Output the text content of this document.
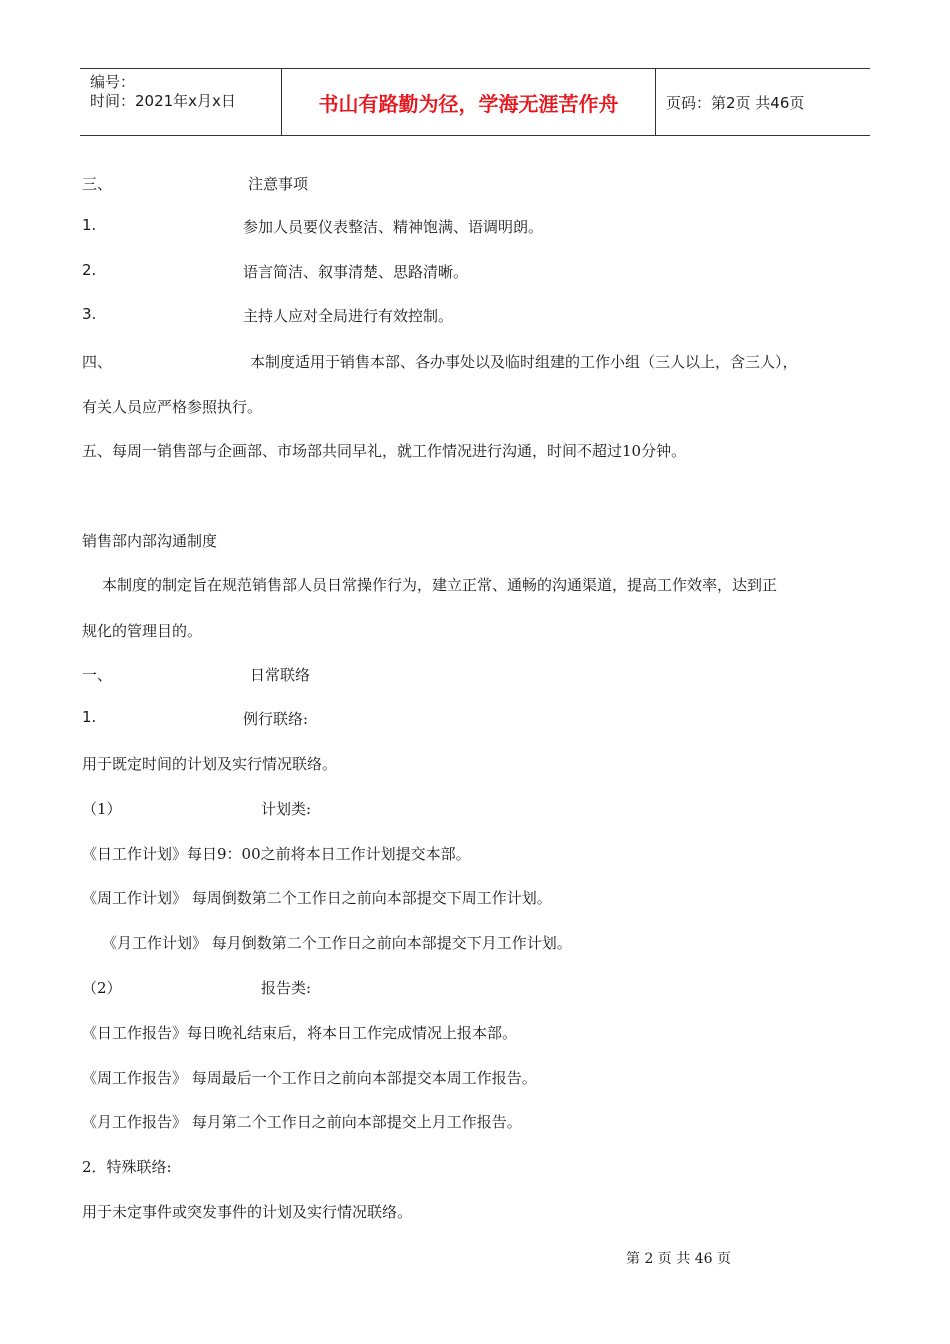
编号：
时间：2021年x月x日	书山有路勤为径，学海无涯苦作舟	页码：第2页 共46页
三、	注意事项
1.	参加人员要仪表整洁、精神饱满、语调明朗。
2.	语言简洁、叙事清楚、思路清晰。
3.	主持人应对全局进行有效控制。
四、	本制度适用于销售本部、各办事处以及临时组建的工作小组（三人以上，含三人），
有关人员应严格参照执行。
五、每周一销售部与企画部、市场部共同早礼，就工作情况进行沟通，时间不超过10分钟。
销售部内部沟通制度
本制度的制定旨在规范销售部人员日常操作行为，建立正常、通畅的沟通渠道，提高工作效率，达到正
规化的管理目的。
一、	日常联络
1.	例行联络:
用于既定时间的计划及实行情况联络。
（1）	计划类:
《日工作计划》每日9：00之前将本日工作计划提交本部。
《周工作计划》 每周倒数第二个工作日之前向本部提交下周工作计划。
《月工作计划》 每月倒数第二个工作日之前向本部提交下月工作计划。
（2）	报告类:
《日工作报告》每日晚礼结束后，将本日工作完成情况上报本部。
《周工作报告》 每周最后一个工作日之前向本部提交本周工作报告。
《月工作报告》 每月第二个工作日之前向本部提交上月工作报告。
2．特殊联络:
用于未定事件或突发事件的计划及实行情况联络。
第 2 页 共 46 页
